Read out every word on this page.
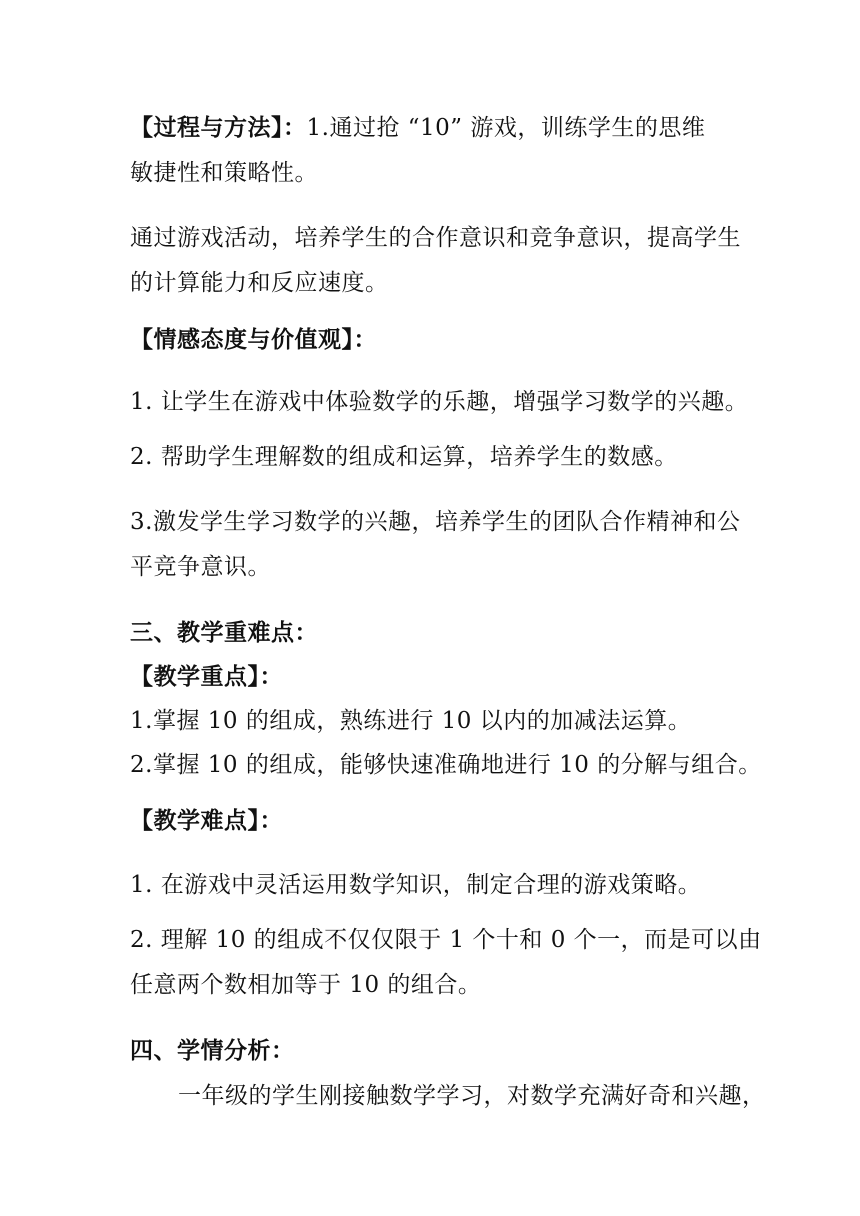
【过程与方法】：1.通过抢 “10” 游戏，训练学生的思维
敏捷性和策略性。
通过游戏活动，培养学生的合作意识和竞争意识，提高学生
的计算能力和反应速度。
【情感态度与价值观】：
1. 让学生在游戏中体验数学的乐趣，增强学习数学的兴趣。
2. 帮助学生理解数的组成和运算，培养学生的数感。
3.激发学生学习数学的兴趣，培养学生的团队合作精神和公
平竞争意识。
三、教学重难点：
【教学重点】：
1.掌握 10 的组成，熟练进行 10 以内的加减法运算。
2.掌握 10 的组成，能够快速准确地进行 10 的分解与组合。
【教学难点】：
1. 在游戏中灵活运用数学知识，制定合理的游戏策略。
2. 理解 10 的组成不仅仅限于 1 个十和 0 个一，而是可以由
任意两个数相加等于 10 的组合。
四、学情分析：
一年级的学生刚接触数学学习，对数学充满好奇和兴趣，
